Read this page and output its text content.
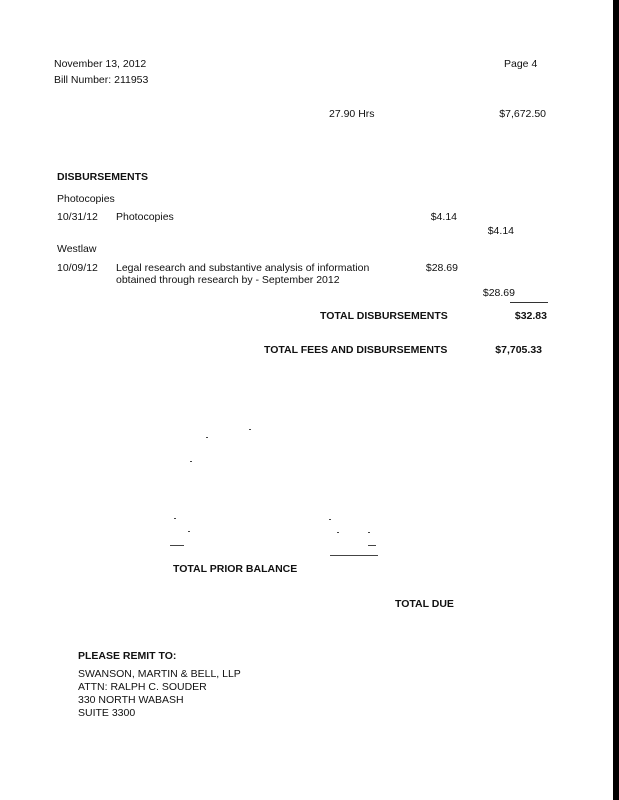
November 13, 2012
Bill Number: 211953
Page 4
27.90 Hrs	$7,672.50
DISBURSEMENTS
Photocopies
10/31/12 Photocopies	$4.14
$4.14
Westlaw
10/09/12 Legal research and substantive analysis of information
obtained through research by - September 2012
$28.69
$28.69
TOTAL DISBURSEMENTS	$32.83
TOTAL FEES AND DISBURSEMENTS	$7,705.33
TOTAL PRIOR BALANCE
TOTAL DUE
PLEASE REMIT TO:
SWANSON, MARTIN & BELL, LLP
ATTN: RALPH C. SOUDER
330 NORTH WABASH
SUITE 3300
